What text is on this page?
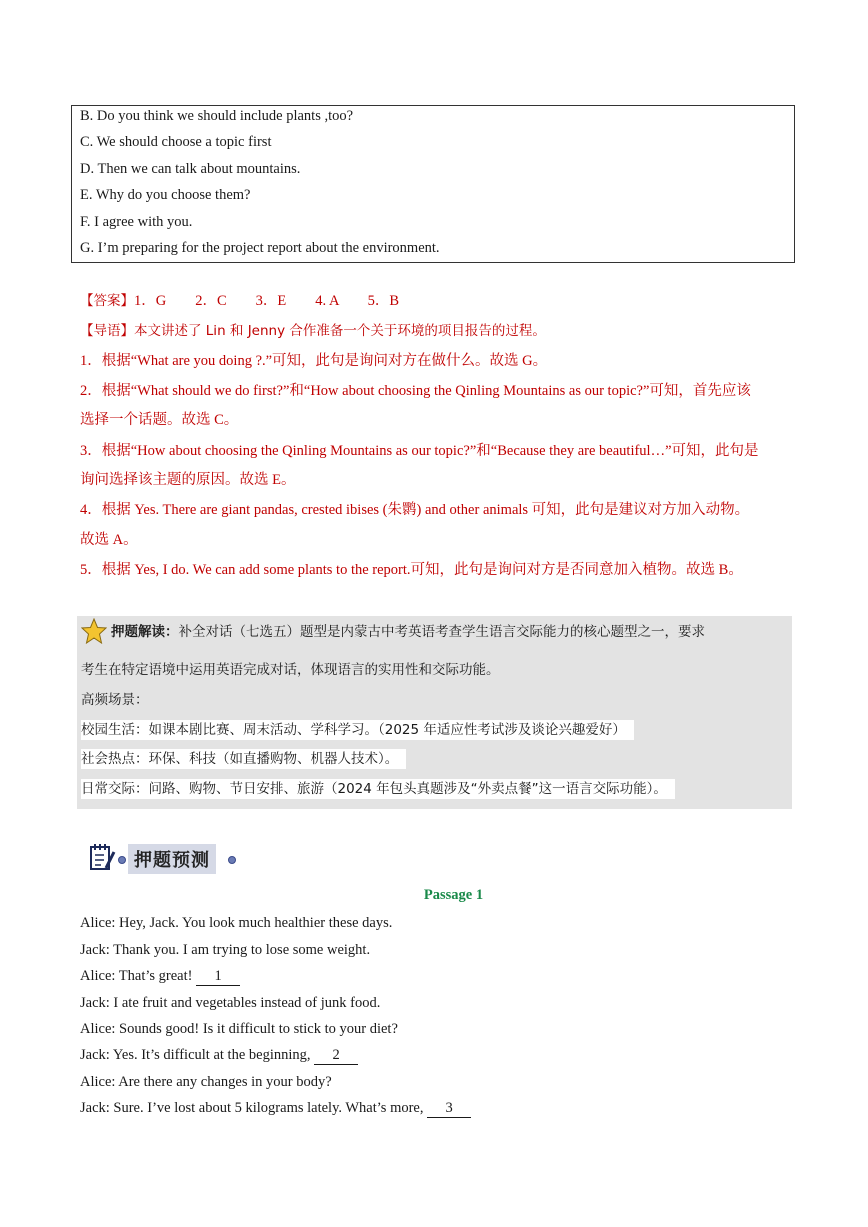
B. Do you think we should include plants ,too?
C. We should choose a topic first
D. Then we can talk about mountains.
E. Why do you choose them?
F. I agree with you.
G. I’m preparing for the project report about the environment.
【答案】1．G　　2．C　　3．E　　4. A　　5．B
【导语】本文讲述了 Lin 和 Jenny 合作准备一个关于环境的项目报告的过程。
1．根据“What are you doing ?.”可知，此句是询问对方在做什么。故选 G。
2．根据“What should we do first?”和“How about choosing the Qinling Mountains as our topic?”可知，首先应该
选择一个话题。故选 C。
3．根据“How about choosing the Qinling Mountains as our topic?”和“Because they are beautiful…”可知，此句是
询问选择该主题的原因。故选 E。
4．根据 Yes. There are giant pandas, crested ibises (朱鹮) and other animals 可知，此句是建议对方加入动物。
故选 A。
5．根据 Yes, I do. We can add some plants to the report.可知，此句是询问对方是否同意加入植物。故选 B。
押题解读：补全对话（七选五）题型是内蒙古中考英语考查学生语言交际能力的核心题型之一，要求
考生在特定语境中运用英语完成对话，体现语言的实用性和交际功能。
高频场景：
校园生活：如课本剧比赛、周末活动、学科学习。（2025 年适应性考试涉及谈论兴趣爱好）
社会热点：环保、科技（如直播购物、机器人技术）。
日常交际：问路、购物、节日安排、旅游（2024 年包头真题涉及“外卖点餐”这一语言交际功能）。
押题预测
Passage 1
Alice: Hey, Jack. You look much healthier these days.
Jack: Thank you. I am trying to lose some weight.
Alice: That’s great! 1
Jack: I ate fruit and vegetables instead of junk food.
Alice: Sounds good! Is it difficult to stick to your diet?
Jack: Yes. It’s difficult at the beginning, 2
Alice: Are there any changes in your body?
Jack: Sure. I’ve lost about 5 kilograms lately. What’s more, 3
